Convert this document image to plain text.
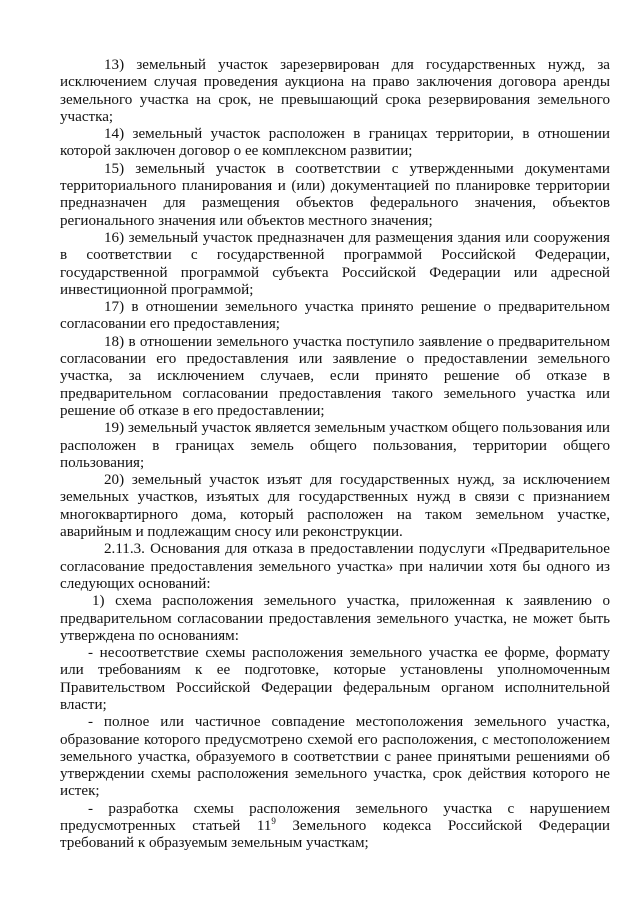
13) земельный участок зарезервирован для государственных нужд, за исключением случая проведения аукциона на право заключения договора аренды земельного участка на срок, не превышающий срока резервирования земельного участка;

14) земельный участок расположен в границах территории, в отношении которой заключен договор о ее комплексном развитии;

15) земельный участок в соответствии с утвержденными документами территориального планирования и (или) документацией по планировке территории предназначен для размещения объектов федерального значения, объектов регионального значения или объектов местного значения;

16) земельный участок предназначен для размещения здания или сооружения в соответствии с государственной программой Российской Федерации, государственной программой субъекта Российской Федерации или адресной инвестиционной программой;

17) в отношении земельного участка принято решение о предварительном согласовании его предоставления;

18) в отношении земельного участка поступило заявление о предварительном согласовании его предоставления или заявление о предоставлении земельного участка, за исключением случаев, если принято решение об отказе в предварительном согласовании предоставления такого земельного участка или решение об отказе в его предоставлении;

19) земельный участок является земельным участком общего пользования или расположен в границах земель общего пользования, территории общего пользования;

20) земельный участок изъят для государственных нужд, за исключением земельных участков, изъятых для государственных нужд в связи с признанием многоквартирного дома, который расположен на таком земельном участке, аварийным и подлежащим сносу или реконструкции.

2.11.3. Основания для отказа в предоставлении подуслуги «Предварительное согласование предоставления земельного участка» при наличии хотя бы одного из следующих оснований:

1) схема расположения земельного участка, приложенная к заявлению о предварительном согласовании предоставления земельного участка, не может быть утверждена по основаниям:

- несоответствие схемы расположения земельного участка ее форме, формату или требованиям к ее подготовке, которые установлены уполномоченным Правительством Российской Федерации федеральным органом исполнительной власти;

- полное или частичное совпадение местоположения земельного участка, образование которого предусмотрено схемой его расположения, с местоположением земельного участка, образуемого в соответствии с ранее принятыми решениями об утверждении схемы расположения земельного участка, срок действия которого не истек;

- разработка схемы расположения земельного участка с нарушением предусмотренных статьей $11^9$ Земельного кодекса Российской Федерации требований к образуемым земельным участкам;
